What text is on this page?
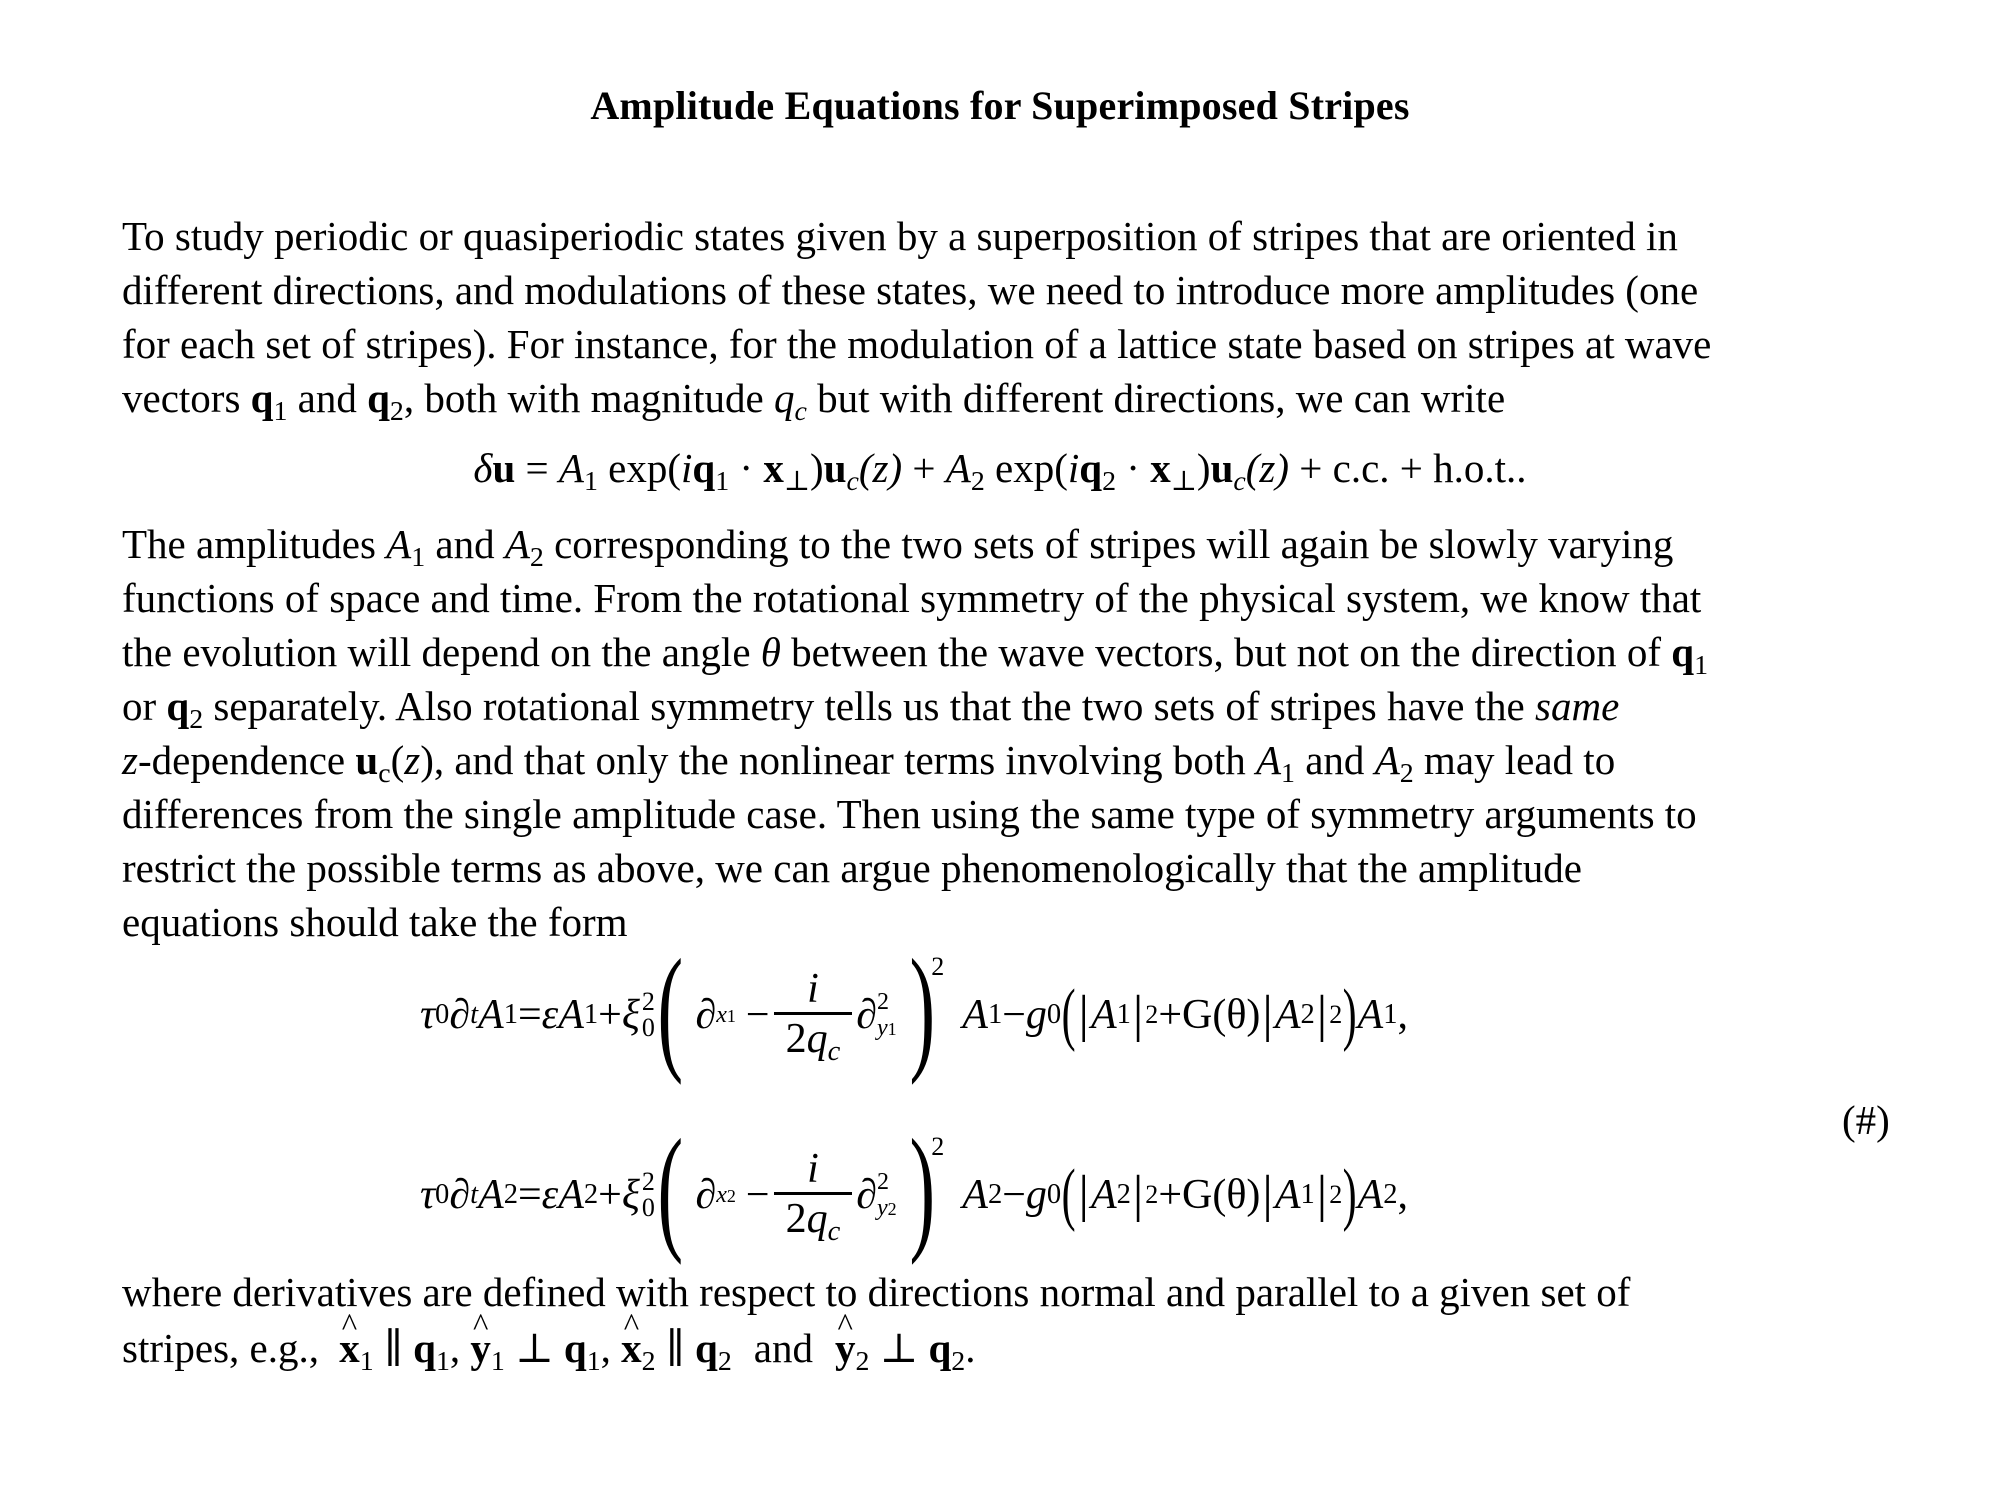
Amplitude Equations for Superimposed Stripes
To study periodic or quasiperiodic states given by a superposition of stripes that are oriented in
different directions, and modulations of these states, we need to introduce more amplitudes (one
for each set of stripes). For instance, for the modulation of a lattice state based on stripes at wave
vectors $q_1$ and $q_2$, both with magnitude $q_c$ but with different directions, we can write
$\delta u = A_1$ $\exp(iq_1 \cdot x_\perp)u_c(z) + A_2$ $\exp(iq_2 \cdot x_\perp)u_c(z) + c.c$. + h.o.t..
The amplitudes $A_1$ and $A_2$ corresponding to the two sets of stripes will again be slowly varying
functions of space and time. From the rotational symmetry of the physical system, we know that
the evolution will depend on the angle θ between the wave vectors, but not on the direction of $q_1$
or $q_2$ separately. Also rotational symmetry tells us that the two sets of stripes have the same
z-dependence $u_c(z)$, and that only the nonlinear terms involving both $A_1$ and $A_2$ may lead to
differences from the single amplitude case. Then using the same type of symmetry arguments to
restrict the possible terms as above, we can argue phenomenologically that the amplitude
equations should take the form
τ 0 ∂ t A 1 = ε A 1 + ξ 2
0 ( ∂ $x1 - \frac{i}{2q_c}$ ∂ 2
y1 )
2
A 1 − g 0 ( | A 1 | 2 + G(θ) | A 2 | 2 ) A 1 ,
(#)
τ 0 ∂ t A 2 = ε A 2 + ξ 2
0 ( ∂ $x2 - \frac{i}{2q_c}$ ∂ 2
y2 )
2
A 2 − g 0 ( | A 2 | 2 + G(θ) | A 1 | 2 ) A 2 ,
where derivatives are defined with respect to directions normal and parallel to a given set of
stripes, e.g., ^ $x_1$ ∥ $q_1$, ^ $y_1$ ⊥ $q_1$, ^ $x_2$ ∥ $q_2$ and ^ $y_2$ ⊥ $q_2$.
